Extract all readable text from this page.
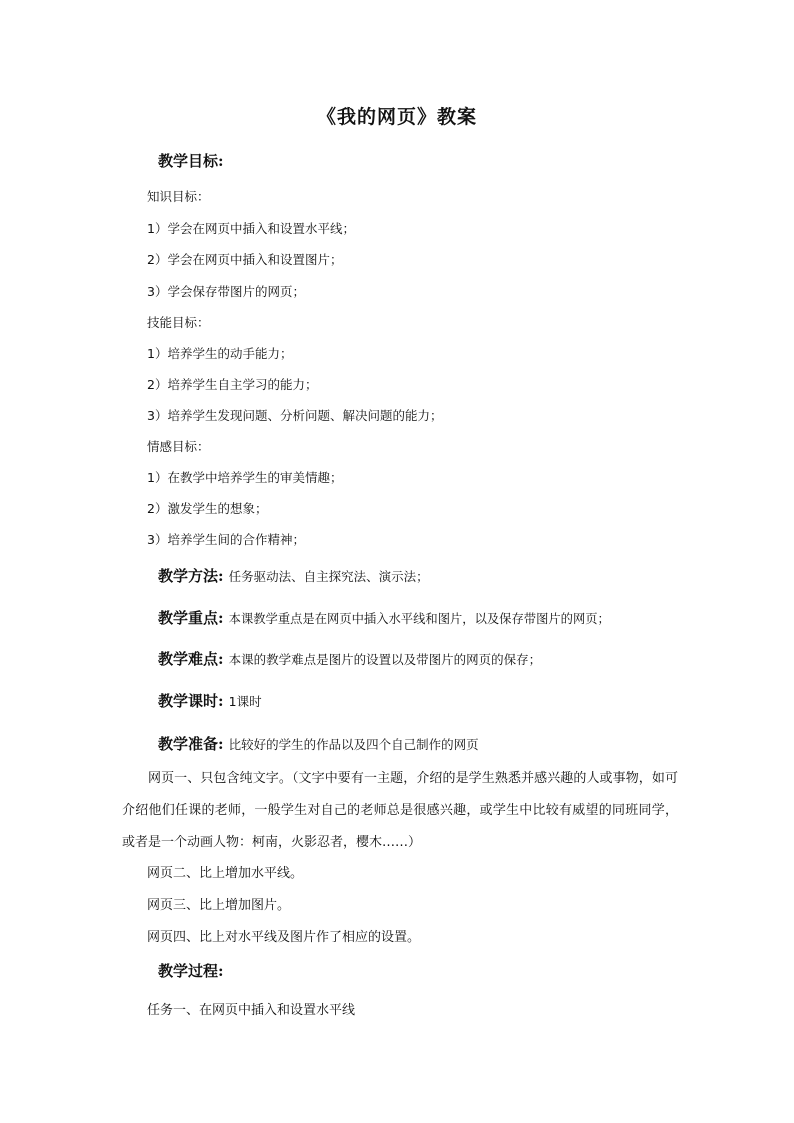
《我的网页》教案
教学目标:
知识目标：
1）学会在网页中插入和设置水平线；
2）学会在网页中插入和设置图片；
3）学会保存带图片的网页；
技能目标：
1）培养学生的动手能力；
2）培养学生自主学习的能力；
3）培养学生发现问题、分析问题、解决问题的能力；
情感目标：
1）在教学中培养学生的审美情趣；
2）激发学生的想象；
3）培养学生间的合作精神；
教学方法: 任务驱动法、自主探究法、演示法；
教学重点: 本课教学重点是在网页中插入水平线和图片，以及保存带图片的网页；
教学难点: 本课的教学难点是图片的设置以及带图片的网页的保存；
教学课时: 1课时
教学准备: 比较好的学生的作品以及四个自己制作的网页
网页一、只包含纯文字。（文字中要有一主题，介绍的是学生熟悉并感兴趣的人或事物，如可介绍他们任课的老师，一般学生对自己的老师总是很感兴趣，或学生中比较有威望的同班同学，或者是一个动画人物：柯南，火影忍者，樱木……）
网页二、比上增加水平线。
网页三、比上增加图片。
网页四、比上对水平线及图片作了相应的设置。
教学过程:
任务一、在网页中插入和设置水平线
